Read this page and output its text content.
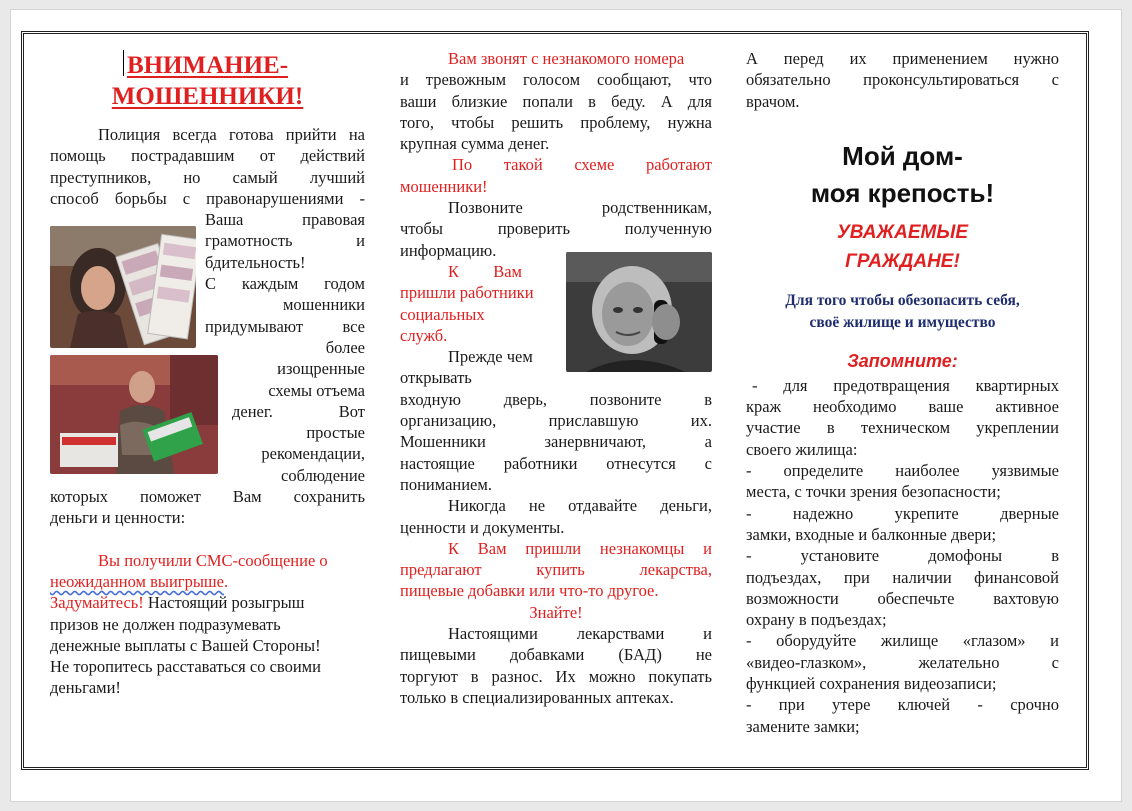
ВНИМАНИЕ-
МОШЕННИКИ!

Полиция всегда готова прийти на

помощь пострадавшим от действий

преступников, но самый лучший

способ борьбы с правонарушениями -

Ваша правовая

грамотность и

бдительность!

С каждым годом

мошенники

придумывают все

более

изощренные

схемы отъема

денег. Вот

простые

рекомендации,

соблюдение

которых поможет Вам сохранить

деньги и ценности:

Вы получили СМС-сообщение о

неожиданном выигрыше.

Задумайтесь! Настоящий розыгрыш

призов не должен подразумевать

денежные выплаты с Вашей Стороны!

Не торопитесь расставаться со своими

деньгами!

Вам звонят с незнакомого номера

и тревожным голосом сообщают, что

ваши близкие попали в беду. А для

того, чтобы решить проблему, нужна

крупная сумма денег.

По такой схеме работают

мошенники!

Позвоните родственникам,

чтобы проверить полученную

информацию.

К Вам

пришли работники

социальных

служб.

Прежде чем

открывать

входную дверь, позвоните в

организацию, приславшую их.

Мошенники занервничают, а

настоящие работники отнесутся с

пониманием.

Никогда не отдавайте деньги,

ценности и документы.

К Вам пришли незнакомцы и

предлагают купить лекарства,

пищевые добавки или что-то другое.

Знайте!

Настоящими лекарствами и

пищевыми добавками (БАД) не

торгуют в разнос. Их можно покупать

только в специализированных аптеках.

А перед их применением нужно

обязательно проконсультироваться с

врачом.

Мой дом-
моя крепость!
УВАЖАЕМЫЕ
ГРАЖДАНЕ!
Для того чтобы обезопасить себя,
своё жилище и имущество
Запомните:

- для предотвращения квартирных

краж необходимо ваше активное

участие в техническом укреплении

своего жилища:

- определите наиболее уязвимые

места, с точки зрения безопасности;

- надежно укрепите дверные

замки, входные и балконные двери;

- установите домофоны в

подъездах, при наличии финансовой

возможности обеспечьте вахтовую

охрану в подъездах;

- оборудуйте жилище «глазом» и

«видео-глазком», желательно с

функцией сохранения видеозаписи;

- при утере ключей - срочно

замените замки;
